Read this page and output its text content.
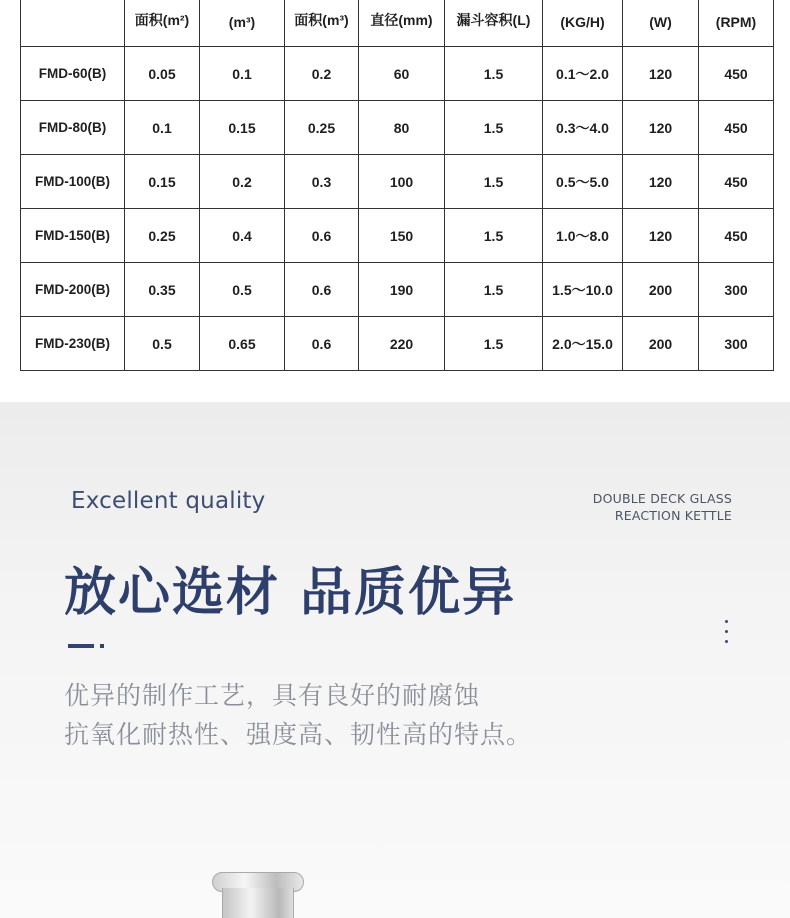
	面积(m²)	(m³)	面积(m³)	直径(mm)	漏斗容积(L)	(KG/H)	(W)	(RPM)
FMD-60(B)	0.05	0.1	0.2	60	1.5	0.1～2.0	120	450
FMD-80(B)	0.1	0.15	0.25	80	1.5	0.3～4.0	120	450
FMD-100(B)	0.15	0.2	0.3	100	1.5	0.5～5.0	120	450
FMD-150(B)	0.25	0.4	0.6	150	1.5	1.0～8.0	120	450
FMD-200(B)	0.35	0.5	0.6	190	1.5	1.5～10.0	200	300
FMD-230(B)	0.5	0.65	0.6	220	1.5	2.0～15.0	200	300
Excellent quality	DOUBLE DECK GLASS
REACTION KETTLE
放心选材 品质优异
优异的制作工艺，具有良好的耐腐蚀
抗氧化耐热性、强度高、韧性高的特点。
